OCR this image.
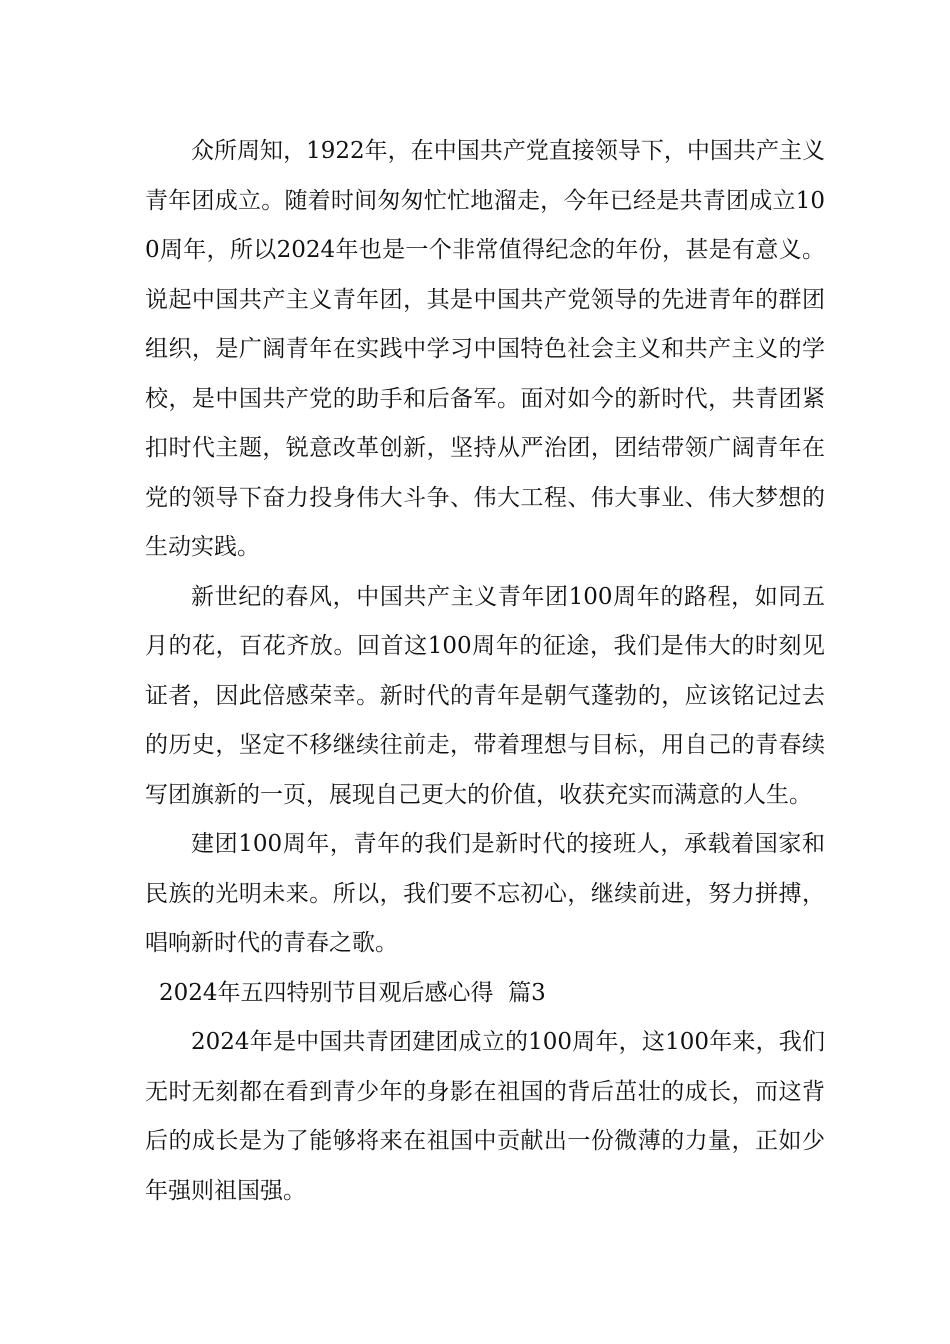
众所周知，1922年，在中国共产党直接领导下，中国共产主义青年团成立。随着时间匆匆忙忙地溜走，今年已经是共青团成立100周年，所以2024年也是一个非常值得纪念的年份，甚是有意义。说起中国共产主义青年团，其是中国共产党领导的先进青年的群团组织，是广阔青年在实践中学习中国特色社会主义和共产主义的学校，是中国共产党的助手和后备军。面对如今的新时代，共青团紧扣时代主题，锐意改革创新，坚持从严治团，团结带领广阔青年在党的领导下奋力投身伟大斗争、伟大工程、伟大事业、伟大梦想的生动实践。

新世纪的春风，中国共产主义青年团100周年的路程，如同五月的花，百花齐放。回首这100周年的征途，我们是伟大的时刻见证者，因此倍感荣幸。新时代的青年是朝气蓬勃的，应该铭记过去的历史，坚定不移继续往前走，带着理想与目标，用自己的青春续写团旗新的一页，展现自己更大的价值，收获充实而满意的人生。

建团100周年，青年的我们是新时代的接班人，承载着国家和民族的光明未来。所以，我们要不忘初心，继续前进，努力拼搏，唱响新时代的青春之歌。

2024年五四特别节目观后感心得  篇3

2024年是中国共青团建团成立的100周年，这100年来，我们无时无刻都在看到青少年的身影在祖国的背后茁壮的成长，而这背后的成长是为了能够将来在祖国中贡献出一份微薄的力量，正如少年强则祖国强。
